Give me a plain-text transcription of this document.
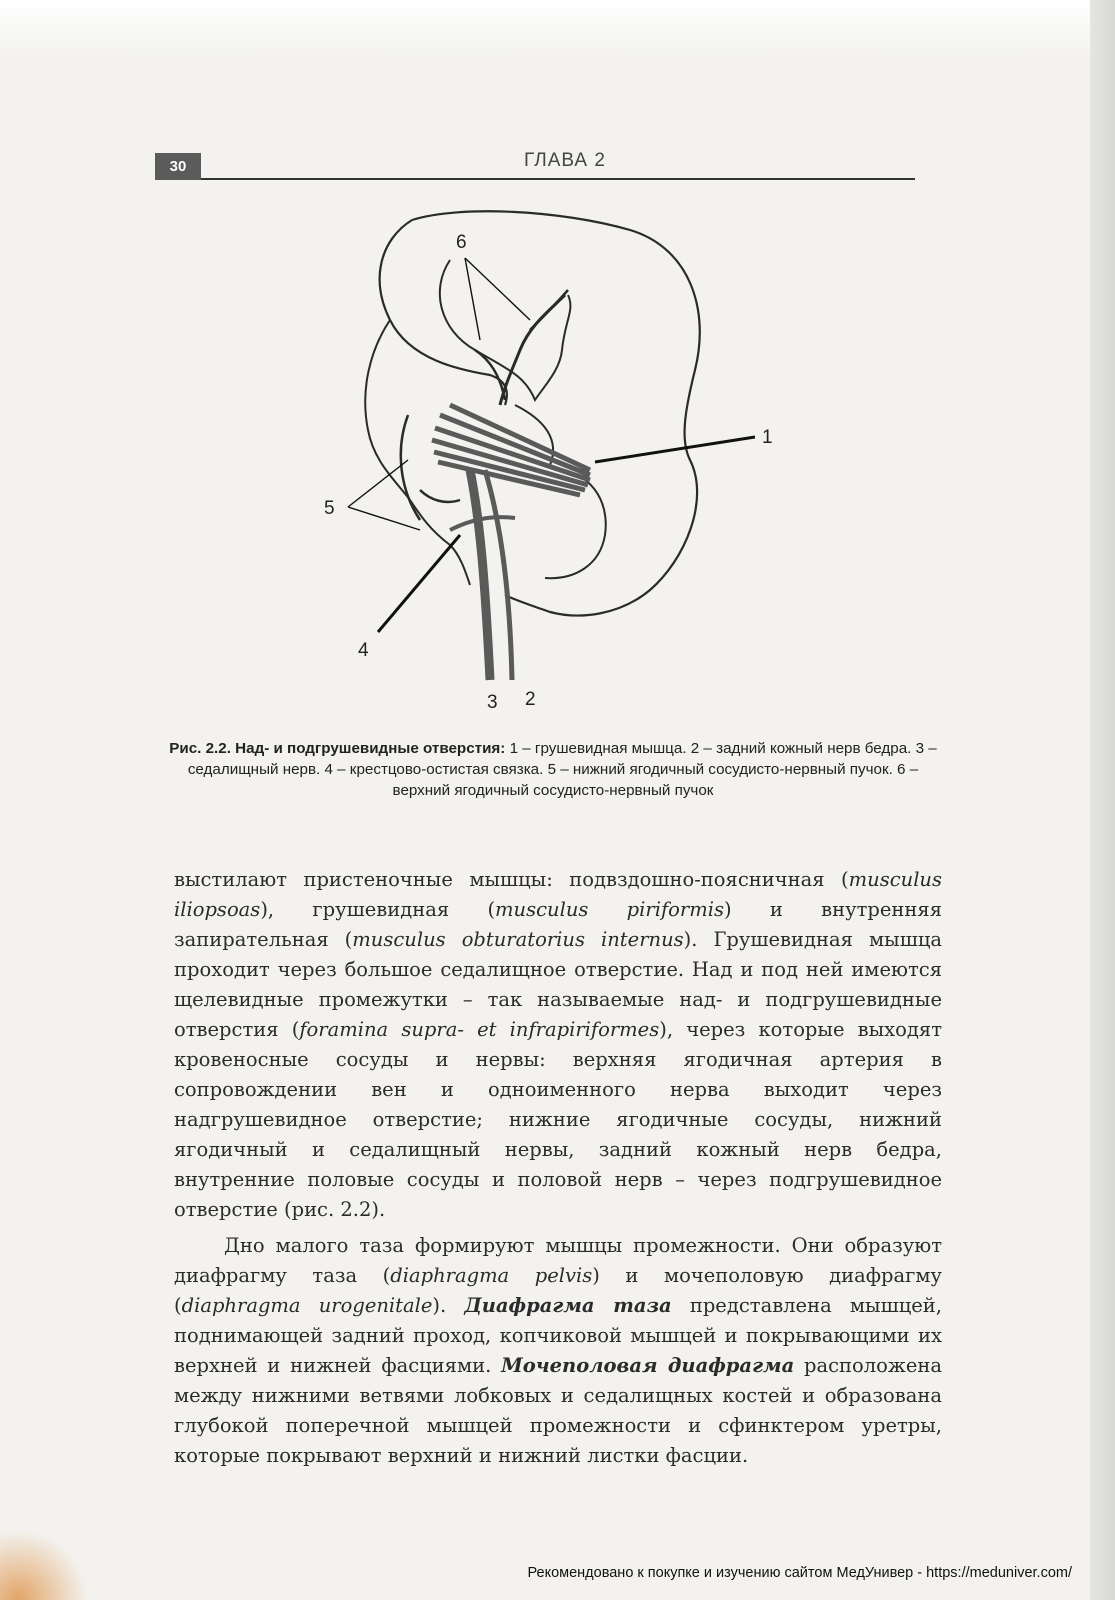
30	ГЛАВА 2
1
2
3
4
5
6
Рис. 2.2. Над- и подгрушевидные отверстия: 1 – грушевидная мышца. 2 – задний кожный нерв бедра. 3 – седалищный нерв. 4 – крестцово-остистая связка. 5 – нижний ягодичный сосудисто-нервный пучок. 6 – верхний ягодичный сосудисто-нервный пучок

выстилают пристеночные мышцы: подвздошно-поясничная (musculus iliopsoas), грушевидная (musculus piriformis) и внутренняя запирательная (musculus obturatorius internus). Грушевидная мышца проходит через большое седалищное отверстие. Над и под ней имеются щелевидные промежутки – так называемые над- и подгрушевидные отверстия (foramina supra- et infrapiriformes), через которые выходят кровеносные сосуды и нервы: верхняя ягодичная артерия в сопровождении вен и одноименного нерва выходит через надгрушевидное отверстие; нижние ягодичные сосуды, нижний ягодичный и седалищный нервы, задний кожный нерв бедра, внутренние половые сосуды и половой нерв – через подгрушевидное отверстие (рис. 2.2).

Дно малого таза формируют мышцы промежности. Они образуют диафрагму таза (diaphragma pelvis) и мочеполовую диафрагму (diaphragma urogenitale). Диафрагма таза представлена мышцей, поднимающей задний проход, копчиковой мышцей и покрывающими их верхней и нижней фасциями. Мочеполовая диафрагма расположена между нижними ветвями лобковых и седалищных костей и образована глубокой поперечной мышцей промежности и сфинктером уретры, которые покрывают верхний и нижний листки фасции.

Рекомендовано к покупке и изучению сайтом МедУнивер - https://meduniver.com/
